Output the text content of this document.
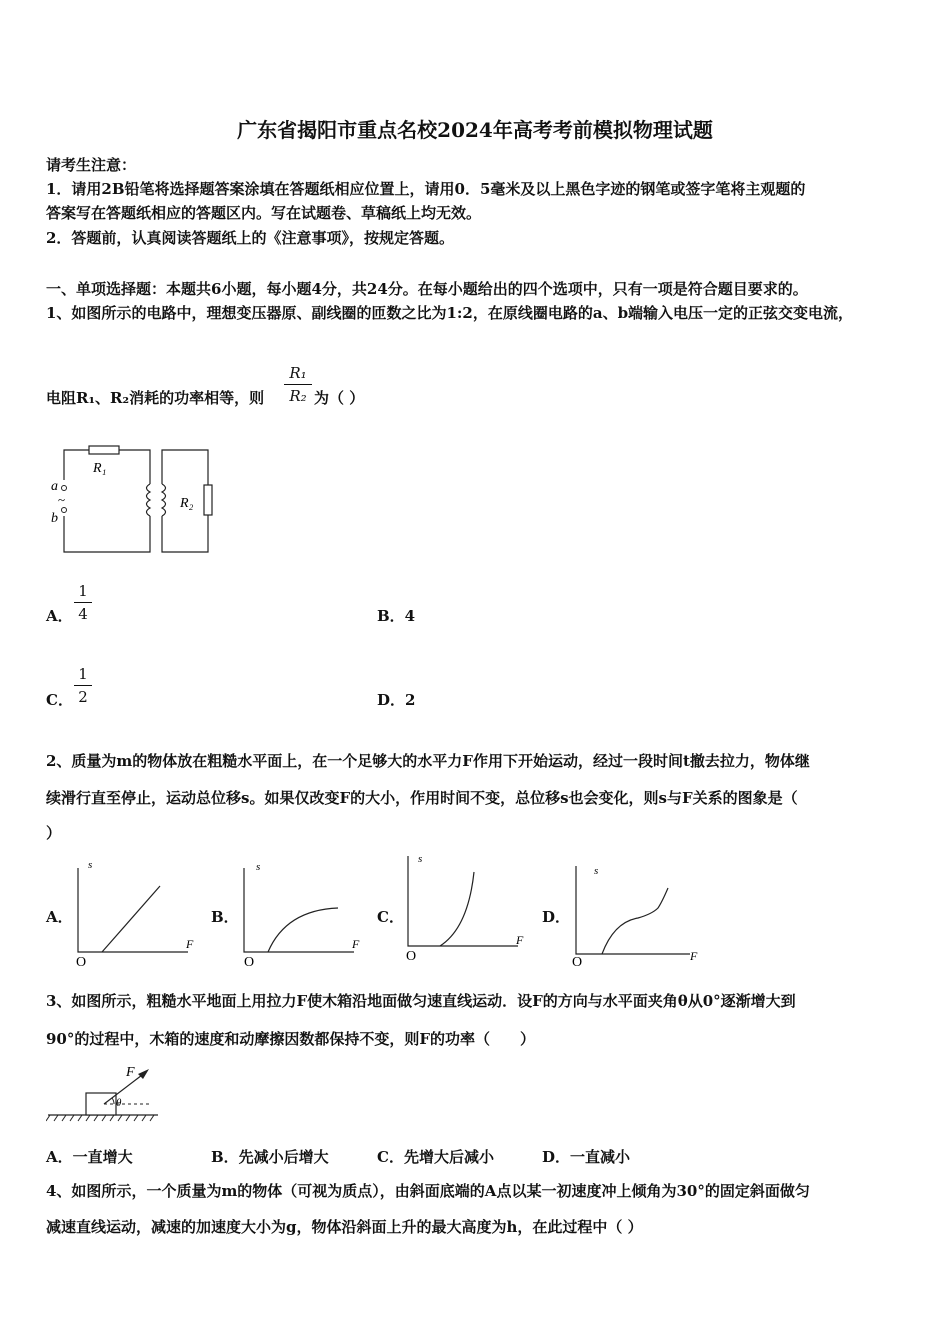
广东省揭阳市重点名校2024年高考考前模拟物理试题
请考生注意：
1．请用2B铅笔将选择题答案涂填在答题纸相应位置上，请用0．5毫米及以上黑色字迹的钢笔或签字笔将主观题的
答案写在答题纸相应的答题区内。写在试题卷、草稿纸上均无效。
2．答题前，认真阅读答题纸上的《注意事项》，按规定答题。
一、单项选择题：本题共6小题，每小题4分，共24分。在每小题给出的四个选项中，只有一项是符合题目要求的。
1、如图所示的电路中，理想变压器原、副线圈的匝数之比为1:2，在原线圈电路的a、b端输入电压一定的正弦交变电流，
电阻R₁、R₂消耗的功率相等，则
R₁
R₂ 为（ ）
a
b
~
R₁
R₂
A．
1
4	B．4
C．
1
2	D．2
2、质量为m的物体放在粗糙水平面上，在一个足够大的水平力F作用下开始运动，经过一段时间t撤去拉力，物体继
续滑行直至停止，运动总位移s。如果仅改变F的大小，作用时间不变，总位移s也会变化，则s与F关系的图象是（
）
A．
s
F
O
B．
s
F
O
C．
s
F
O
D．
s
F
O
3、如图所示，粗糙水平地面上用拉力F使木箱沿地面做匀速直线运动．设F的方向与水平面夹角θ从0°逐渐增大到
90°的过程中，木箱的速度和动摩擦因数都保持不变，则F的功率（　　）
F
θ
A．一直增大	B．先减小后增大	C．先增大后减小	D．一直减小
4、如图所示，一个质量为m的物体（可视为质点），由斜面底端的A点以某一初速度冲上倾角为30°的固定斜面做匀
减速直线运动，减速的加速度大小为g，物体沿斜面上升的最大高度为h，在此过程中（ ）
